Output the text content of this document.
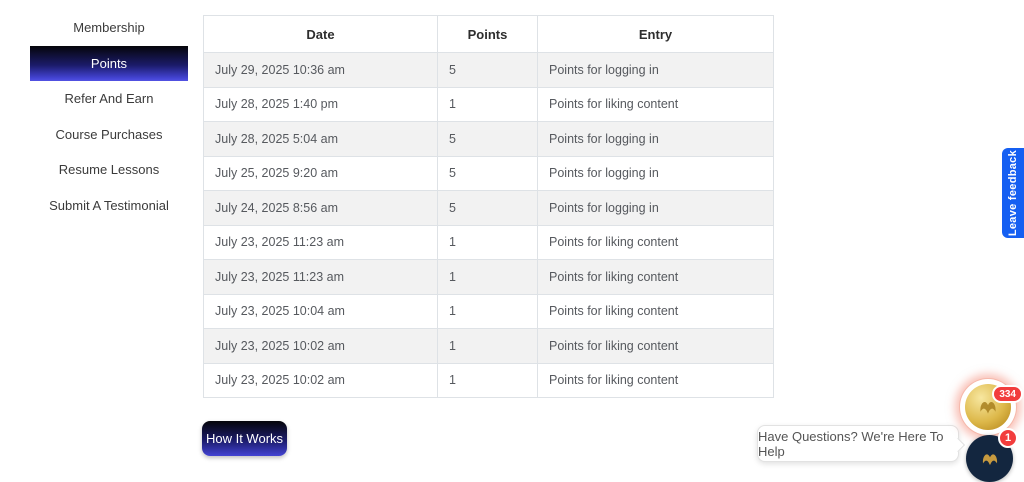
Membership
Points
Refer And Earn
Course Purchases
Resume Lessons
Submit A Testimonial
Date	Points	Entry
July 29, 2025 10:36 am	5	Points for logging in
July 28, 2025 1:40 pm	1	Points for liking content
July 28, 2025 5:04 am	5	Points for logging in
July 25, 2025 9:20 am	5	Points for logging in
July 24, 2025 8:56 am	5	Points for logging in
July 23, 2025 11:23 am	1	Points for liking content
July 23, 2025 11:23 am	1	Points for liking content
July 23, 2025 10:04 am	1	Points for liking content
July 23, 2025 10:02 am	1	Points for liking content
July 23, 2025 10:02 am	1	Points for liking content
How It Works
Leave feedback
Have Questions? We're Here To Help
334
1
